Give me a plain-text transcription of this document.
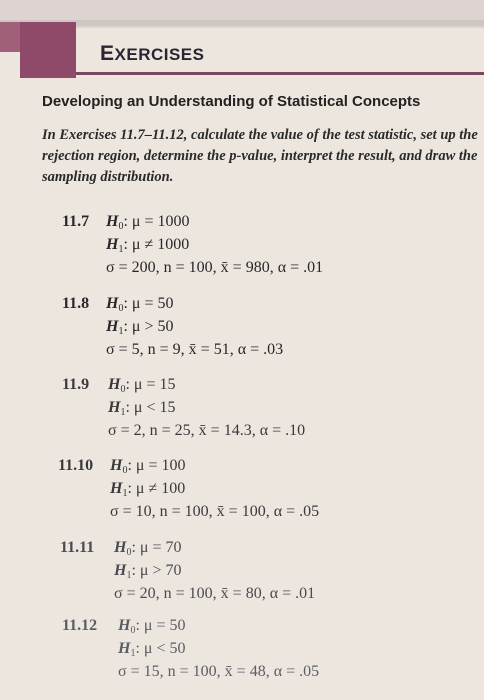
EXERCISES
Developing an Understanding of Statistical Concepts
In Exercises 11.7–11.12, calculate the value of the test statistic, set up the rejection region, determine the p-value, interpret the result, and draw the sampling distribution.
11.7 $H_0$: μ = 1000
$H_1$: μ ≠ 1000
σ = 200, n = 100, x̄ = 980, α = .01
11.8 $H_0$: μ = 50
$H_1$: μ > 50
σ = 5, n = 9, x̄ = 51, α = .03
11.9 $H_0$: μ = 15
$H_1$: μ < 15
σ = 2, n = 25, x̄ = 14.3, α = .10
11.10 $H_0$: μ = 100
$H_1$: μ ≠ 100
σ = 10, n = 100, x̄ = 100, α = .05
11.11 $H_0$: μ = 70
$H_1$: μ > 70
σ = 20, n = 100, x̄ = 80, α = .01
11.12 $H_0$: μ = 50
$H_1$: μ < 50
σ = 15, n = 100, x̄ = 48, α = .05
